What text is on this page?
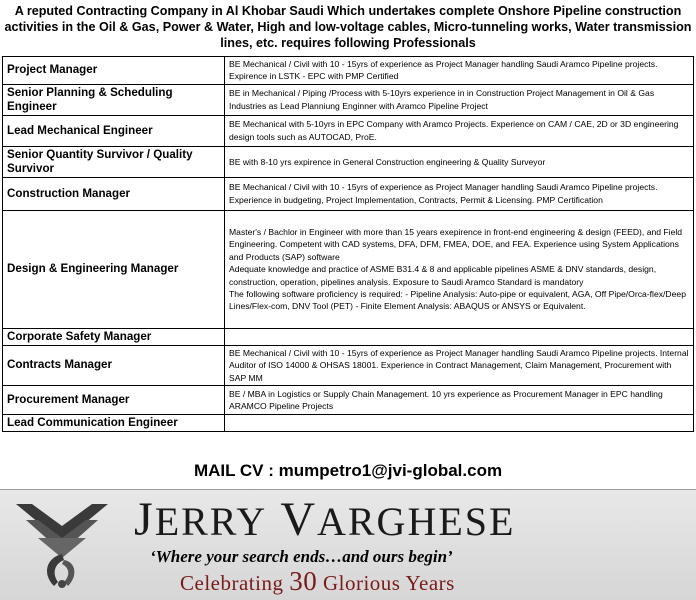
A reputed Contracting Company in Al Khobar Saudi Which undertakes complete Onshore Pipeline construction activities in the Oil & Gas, Power & Water, High and low-voltage cables, Micro-tunneling works, Water transmission lines, etc. requires following Professionals
Project Manager	BE Mechanical / Civil with 10 - 15yrs of experience as Project Manager handling Saudi Aramco Pipeline projects. Expirence in LSTK - EPC with PMP Certified

Senior Planning & Scheduling Engineer	BE in Mechanical / Piping /Process with 5-10yrs experience in in Construction Project Management in Oil & Gas Industries as Lead Planniung Enginner with Aramco Pipeline Project

Lead Mechanical Engineer	BE Mechanical with 5-10yrs in EPC Company with Aramco Projects. Experience on CAM / CAE, 2D or 3D engineering design tools such as AUTOCAD, ProE.

Senior Quantity Survivor / Quality Survivor	BE with 8-10 yrs expirence in General Construction engineering & Quality Surveyor

Construction Manager	BE Mechanical / Civil with 10 - 15yrs of experience as Project Manager handling Saudi Aramco Pipeline projects. Experience in budgeting, Project Implementation, Contracts, Permit & Licensing. PMP Certification

Design & Engineering Manager	Master's / Bachlor in Engineer with more than 15 years exepirence in front-end engineering & design (FEED), and Field Engineering. Competent with CAD systems, DFA, DFM, FMEA, DOE, and FEA. Experience using System Applications and Products (SAP) software
Adequate knowledge and practice of ASME B31.4 & 8 and applicable pipelines ASME & DNV standards, design, construction, operation, pipelines analysis. Exposure to Saudi Aramco Standard is mandatory
The following software proficiency is required: - Pipeline Analysis: Auto-pipe or equivalent, AGA, Off Pipe/Orca-flex/Deep Lines/Flex-com, DNV Tool (PET) - Finite Element Analysis: ABAQUS or ANSYS or Equivalent.

Corporate Safety Manager	

Contracts Manager	BE Mechanical / Civil with 10 - 15yrs of experience as Project Manager handling Saudi Aramco Pipeline projects. Internal Auditor of ISO 14000 & OHSAS 18001. Experience in Contract Management, Claim Management, Procurement with SAP MM

Procurement Manager	BE / MBA in Logistics or Supply Chain Management. 10 yrs experience as Procurement Manager in EPC handling ARAMCO Pipeline Projects

Lead Communication Engineer	
MAIL CV : mumpetro1@jvi-global.com
JERRY VARGHESE
‘Where your search ends…and ours begin’
Celebrating 30 Glorious Years
